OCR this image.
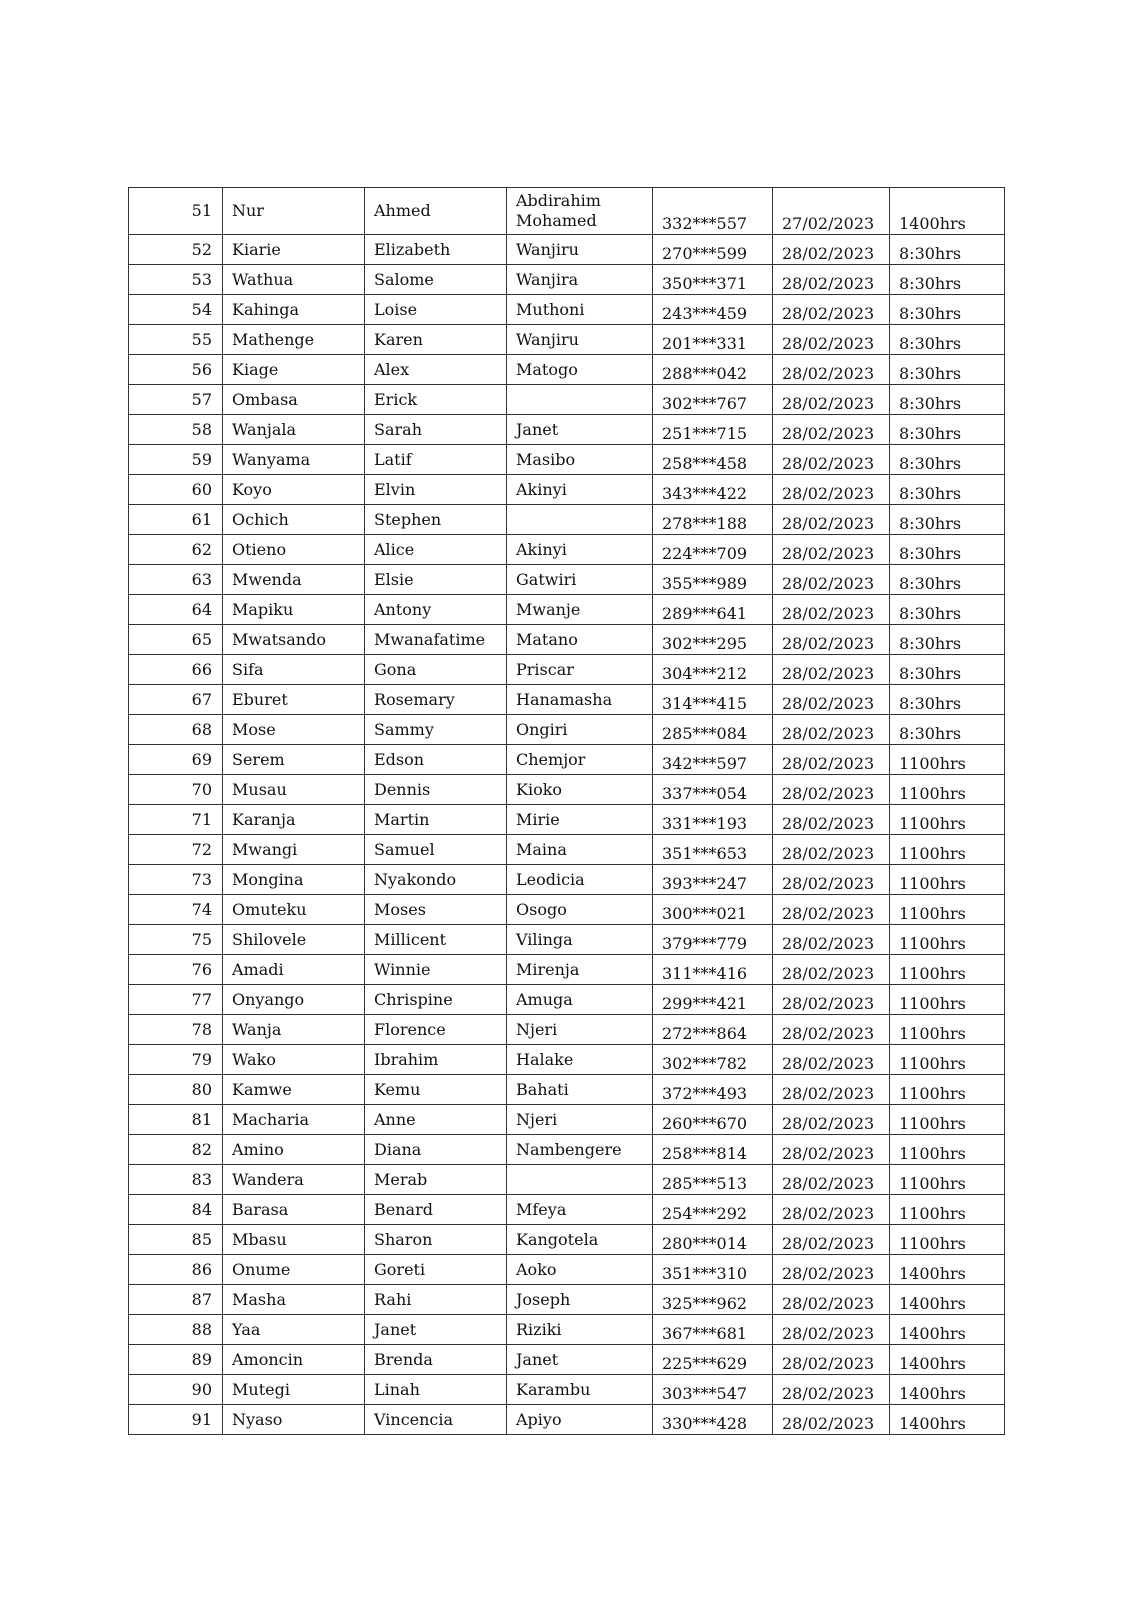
51	Nur	Ahmed	Abdirahim Mohamed	332***557	27/02/2023	1400hrs
52	Kiarie	Elizabeth	Wanjiru	270***599	28/02/2023	8:30hrs
53	Wathua	Salome	Wanjira	350***371	28/02/2023	8:30hrs
54	Kahinga	Loise	Muthoni	243***459	28/02/2023	8:30hrs
55	Mathenge	Karen	Wanjiru	201***331	28/02/2023	8:30hrs
56	Kiage	Alex	Matogo	288***042	28/02/2023	8:30hrs
57	Ombasa	Erick		302***767	28/02/2023	8:30hrs
58	Wanjala	Sarah	Janet	251***715	28/02/2023	8:30hrs
59	Wanyama	Latif	Masibo	258***458	28/02/2023	8:30hrs
60	Koyo	Elvin	Akinyi	343***422	28/02/2023	8:30hrs
61	Ochich	Stephen		278***188	28/02/2023	8:30hrs
62	Otieno	Alice	Akinyi	224***709	28/02/2023	8:30hrs
63	Mwenda	Elsie	Gatwiri	355***989	28/02/2023	8:30hrs
64	Mapiku	Antony	Mwanje	289***641	28/02/2023	8:30hrs
65	Mwatsando	Mwanafatime	Matano	302***295	28/02/2023	8:30hrs
66	Sifa	Gona	Priscar	304***212	28/02/2023	8:30hrs
67	Eburet	Rosemary	Hanamasha	314***415	28/02/2023	8:30hrs
68	Mose	Sammy	Ongiri	285***084	28/02/2023	8:30hrs
69	Serem	Edson	Chemjor	342***597	28/02/2023	1100hrs
70	Musau	Dennis	Kioko	337***054	28/02/2023	1100hrs
71	Karanja	Martin	Mirie	331***193	28/02/2023	1100hrs
72	Mwangi	Samuel	Maina	351***653	28/02/2023	1100hrs
73	Mongina	Nyakondo	Leodicia	393***247	28/02/2023	1100hrs
74	Omuteku	Moses	Osogo	300***021	28/02/2023	1100hrs
75	Shilovele	Millicent	Vilinga	379***779	28/02/2023	1100hrs
76	Amadi	Winnie	Mirenja	311***416	28/02/2023	1100hrs
77	Onyango	Chrispine	Amuga	299***421	28/02/2023	1100hrs
78	Wanja	Florence	Njeri	272***864	28/02/2023	1100hrs
79	Wako	Ibrahim	Halake	302***782	28/02/2023	1100hrs
80	Kamwe	Kemu	Bahati	372***493	28/02/2023	1100hrs
81	Macharia	Anne	Njeri	260***670	28/02/2023	1100hrs
82	Amino	Diana	Nambengere	258***814	28/02/2023	1100hrs
83	Wandera	Merab		285***513	28/02/2023	1100hrs
84	Barasa	Benard	Mfeya	254***292	28/02/2023	1100hrs
85	Mbasu	Sharon	Kangotela	280***014	28/02/2023	1100hrs
86	Onume	Goreti	Aoko	351***310	28/02/2023	1400hrs
87	Masha	Rahi	Joseph	325***962	28/02/2023	1400hrs
88	Yaa	Janet	Riziki	367***681	28/02/2023	1400hrs
89	Amoncin	Brenda	Janet	225***629	28/02/2023	1400hrs
90	Mutegi	Linah	Karambu	303***547	28/02/2023	1400hrs
91	Nyaso	Vincencia	Apiyo	330***428	28/02/2023	1400hrs
